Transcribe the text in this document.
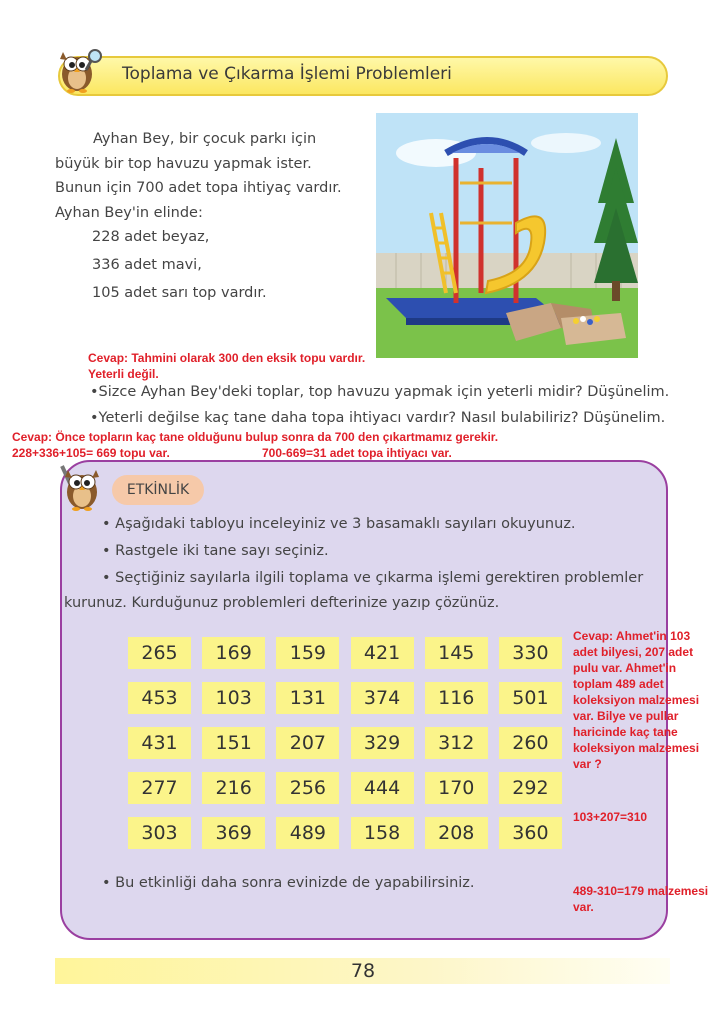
Toplama ve Çıkarma İşlemi Problemleri
Ayhan Bey, bir çocuk parkı için büyük bir top havuzu yapmak ister. Bunun için 700 adet topa ihtiyaç vardır. Ayhan Bey'in elinde:
228 adet beyaz,
336 adet mavi,
105 adet sarı top vardır.
Cevap: Tahmini olarak 300 den eksik topu vardır.
Yeterli değil.
•Sizce Ayhan Bey'deki toplar, top havuzu yapmak için yeterli midir? Düşünelim.
•Yeterli değilse kaç tane daha topa ihtiyacı vardır? Nasıl bulabiliriz? Düşünelim.
Cevap: Önce topların kaç tane olduğunu bulup sonra da 700 den çıkartmamız gerekir.
228+336+105= 669 topu var.	700-669=31 adet topa ihtiyacı var.
ETKİNLİK
• Aşağıdaki tabloyu inceleyiniz ve 3 basamaklı sayıları okuyunuz.
• Rastgele iki tane sayı seçiniz.
• Seçtiğiniz sayılarla ilgili toplama ve çıkarma işlemi gerektiren problemler
kurunuz. Kurduğunuz problemleri defterinize yazıp çözünüz.
265	169	159	421	145	330
453	103	131	374	116	501
431	151	207	329	312	260
277	216	256	444	170	292
303	369	489	158	208	360
• Bu etkinliği daha sonra evinizde de yapabilirsiniz.
Cevap: Ahmet'in 103
adet bilyesi, 207 adet
pulu var. Ahmet'in
toplam 489 adet
koleksiyon malzemesi
var. Bilye ve pullar
haricinde kaç tane
koleksiyon malzemesi
var ?
103+207=310
489-310=179 malzemesi
var.
78
